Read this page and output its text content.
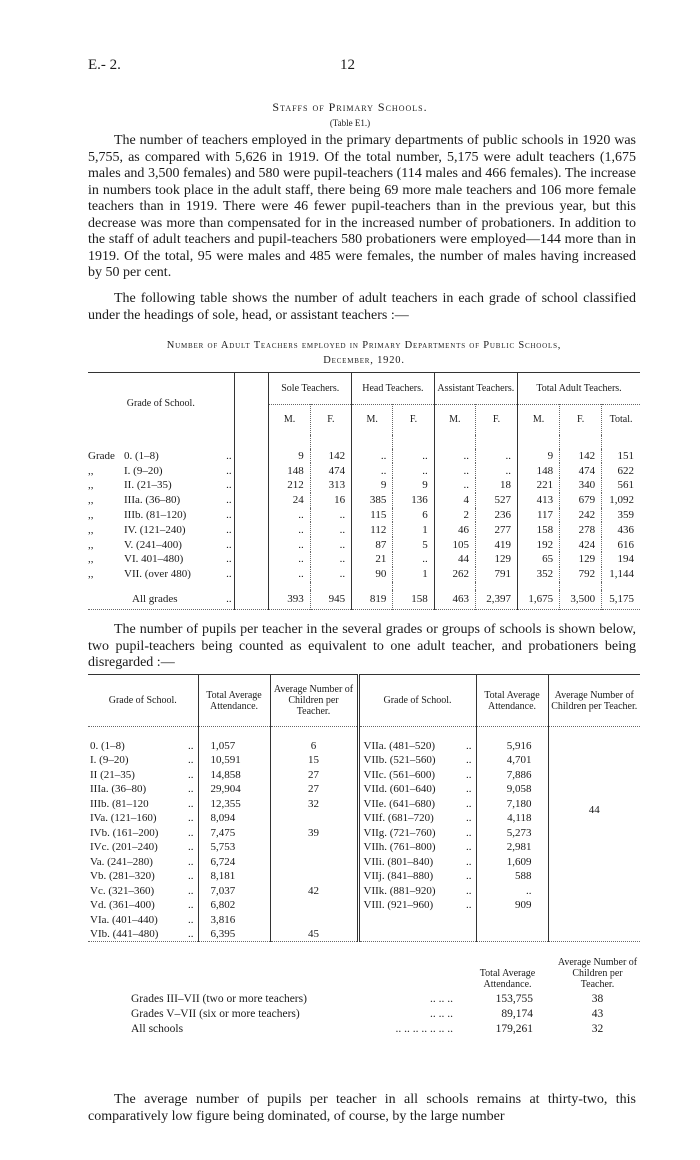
E.- 2.	12
Staffs of Primary Schools.
(Table E1.)

The number of teachers employed in the primary departments of public schools in 1920 was 5,755, as compared with 5,626 in 1919. Of the total number, 5,175 were adult teachers (1,675 males and 3,500 females) and 580 were pupil-teachers (114 males and 466 females). The increase in numbers took place in the adult staff, there being 69 more male teachers and 106 more female teachers than in 1919. There were 46 fewer pupil-teachers than in the previous year, but this decrease was more than compensated for in the increased number of probationers. In addition to the staff of adult teachers and pupil-teachers 580 probationers were employed—144 more than in 1919. Of the total, 95 were males and 485 were females, the number of males having increased by 50 per cent.

The following table shows the number of adult teachers in each grade of school classified under the headings of sole, head, or assistant teachers :—

Number of Adult Teachers employed in Primary Departments of Public Schools,
December, 1920.
Grade of School.		Sole Teachers.		Head Teachers.		Assistant Teachers.		Total Adult Teachers.		
		M.	F.	M.	F.	M.	F.	M.	F.	Total.

Grade 0. (1–8) ..		9	142	..	..	..	..	9	142	151
,, I. (9–20) ..		148	474	..	..	..	..	148	474	622
,, II. (21–35) ..		212	313	9	9	..	18	221	340	561
,, IIIa. (36–80) ..		24	16	385	136	4	527	413	679	1,092
,, IIIb. (81–120) ..		..	..	115	6	2	236	117	242	359
,, IV. (121–240) ..		..	..	112	1	46	277	158	278	436
,, V. (241–400) ..		..	..	87	5	105	419	192	424	616
,, VI. 401–480) ..		..	..	21	..	44	129	65	129	194
,, VII. (over 480) ..		..	..	90	1	262	791	352	792	1,144

All grades ..		393	945	819	158	463	2,397	1,675	3,500	5,175

The number of pupils per teacher in the several grades or groups of schools is shown below, two pupil-teachers being counted as equivalent to one adult teacher, and probationers being disregarded :—

Grade of School.	Total Average Attendance.	Average Number of Children per Teacher.	Grade of School.	Total Average Attendance.	Average Number of Children per Teacher.

0. (1–8) ..	1,057	6	VIIa. (481–520) ..	5,916	44
I. (9–20) ..	10,591	15	VIIb. (521–560) ..	4,701	
II (21–35) ..	14,858	27	VIIc. (561–600) ..	7,886	
IIIa. (36–80) ..	29,904	27	VIId. (601–640) ..	9,058	
IIIb. (81–120 ..	12,355	32	VIIe. (641–680) ..	7,180	
IVa. (121–160) ..	8,094		VIIf. (681–720) ..	4,118	
IVb. (161–200) ..	7,475	39	VIIg. (721–760) ..	5,273	
IVc. (201–240) ..	5,753		VIIh. (761–800) ..	2,981	
Va. (241–280) ..	6,724		VIIi. (801–840) ..	1,609	
Vb. (281–320) ..	8,181		VIIj. (841–880) ..	588	
Vc. (321–360) ..	7,037	42	VIIk. (881–920) ..	..	
Vd. (361–400) ..	6,802		VIIl. (921–960) ..	909	
VIa. (401–440) ..	3,816				
VIb. (441–480) ..	6,395	45			

	Total Average Attendance.	Average Number of Children per Teacher.
Grades III–VII (two or more teachers) .. .. ..	153,755	38
Grades V–VII (six or more teachers) .. .. ..	89,174	43
All schools .. .. .. .. .. .. ..	179,261	32

The average number of pupils per teacher in all schools remains at thirty-two, this comparatively low figure being dominated, of course, by the large number
